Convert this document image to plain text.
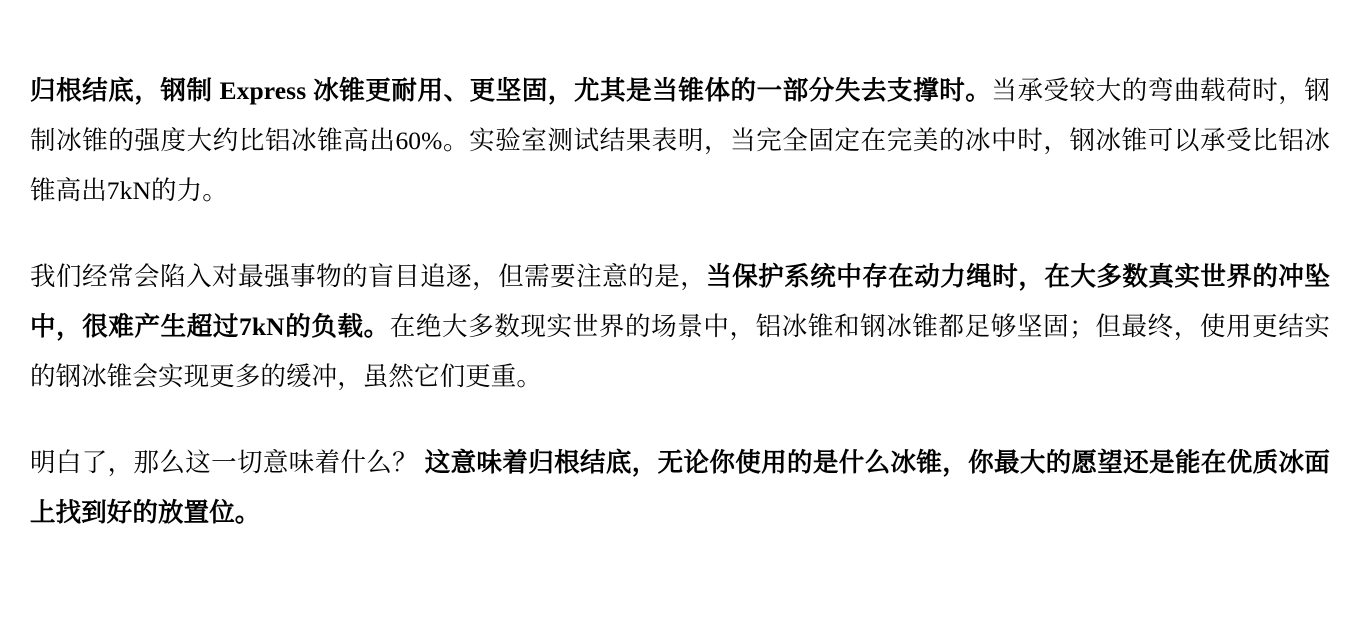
归根结底，钢制 Express 冰锥更耐用、更坚固，尤其是当锥体的一部分失去支撑时。当承受较大的弯曲载荷时，钢制冰锥的强度大约比铝冰锥高出60%。实验室测试结果表明，当完全固定在完美的冰中时，钢冰锥可以承受比铝冰锥高出7kN的力。

我们经常会陷入对最强事物的盲目追逐，但需要注意的是，当保护系统中存在动力绳时，在大多数真实世界的冲坠中，很难产生超过7kN的负载。在绝大多数现实世界的场景中，铝冰锥和钢冰锥都足够坚固；但最终，使用更结实的钢冰锥会实现更多的缓冲，虽然它们更重。

明白了，那么这一切意味着什么？ 这意味着归根结底，无论你使用的是什么冰锥，你最大的愿望还是能在优质冰面上找到好的放置位。
